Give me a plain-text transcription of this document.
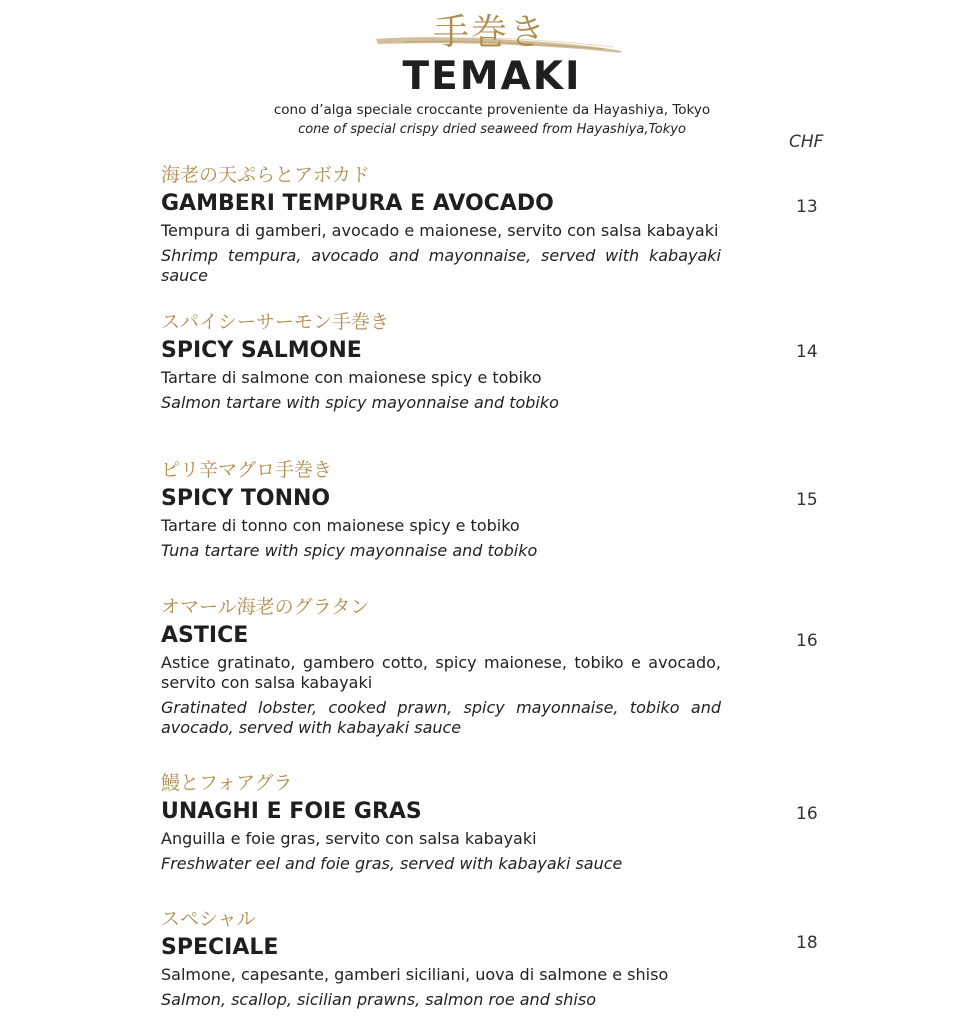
手巻き
TEMAKI
cono d’alga speciale croccante proveniente da Hayashiya, Tokyo
cone of special crispy dried seaweed from Hayashiya,Tokyo
CHF
海老の天ぷらとアボカド
GAMBERI TEMPURA E AVOCADO
Tempura di gamberi, avocado e maionese, servito con salsa kabayaki
Shrimp tempura, avocado and mayonnaise, served with kabayaki sauce
13
スパイシーサーモン手巻き
SPICY SALMONE
Tartare di salmone con maionese spicy e tobiko
Salmon tartare with spicy mayonnaise and tobiko
14
ピリ辛マグロ手巻き
SPICY TONNO
Tartare di tonno con maionese spicy e tobiko
Tuna tartare with spicy mayonnaise and tobiko
15
オマール海老のグラタン
ASTICE
Astice gratinato, gambero cotto, spicy maionese, tobiko e avocado, servito con salsa kabayaki
Gratinated lobster, cooked prawn, spicy mayonnaise, tobiko and avocado, served with kabayaki sauce
16
鰻とフォアグラ
UNAGHI E FOIE GRAS
Anguilla e foie gras, servito con salsa kabayaki
Freshwater eel and foie gras, served with kabayaki sauce
16
スペシャル
SPECIALE
Salmone, capesante, gamberi siciliani, uova di salmone e shiso
Salmon, scallop, sicilian prawns, salmon roe and shiso
18
